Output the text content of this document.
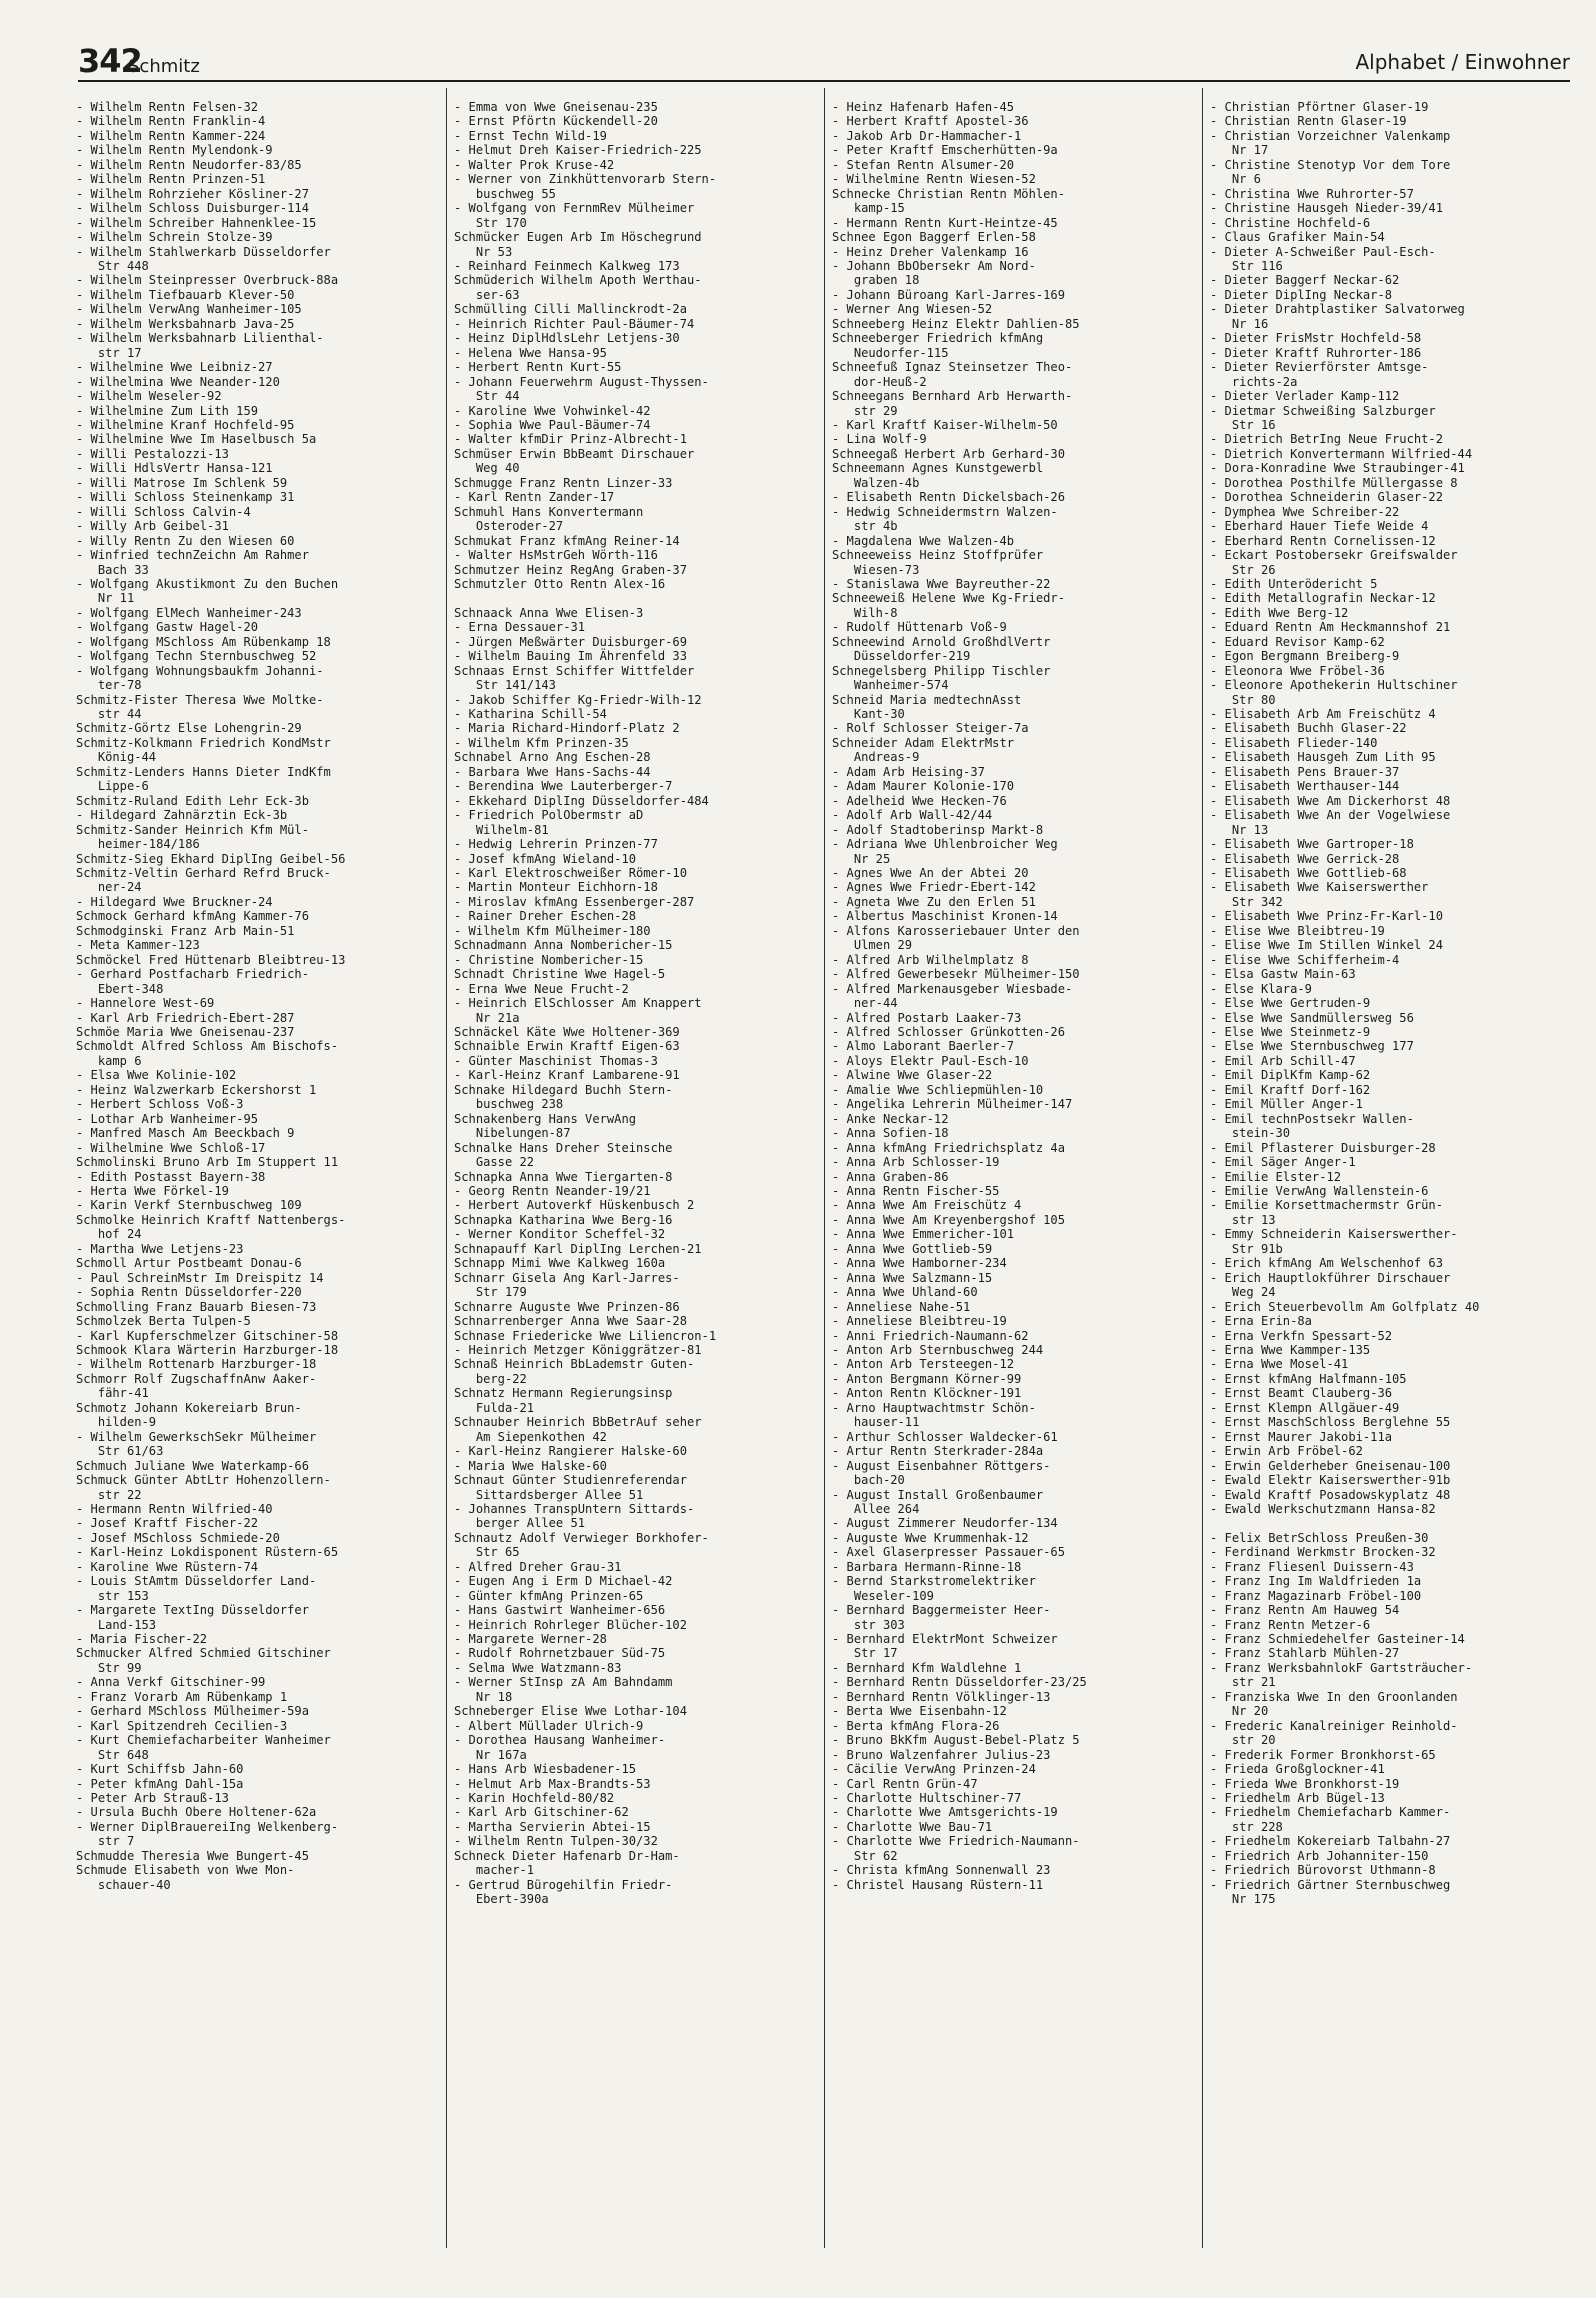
342
Schmitz	Alphabet / Einwohner
- Wilhelm Rentn Felsen-32
- Wilhelm Rentn Franklin-4
- Wilhelm Rentn Kammer-224
- Wilhelm Rentn Mylendonk-9
- Wilhelm Rentn Neudorfer-83/85
- Wilhelm Rentn Prinzen-51
- Wilhelm Rohrzieher Kösliner-27
- Wilhelm Schloss Duisburger-114
- Wilhelm Schreiber Hahnenklee-15
- Wilhelm Schrein Stolze-39
- Wilhelm Stahlwerkarb Düsseldorfer
Str 448
- Wilhelm Steinpresser Overbruck-88a
- Wilhelm Tiefbauarb Klever-50
- Wilhelm VerwAng Wanheimer-105
- Wilhelm Werksbahnarb Java-25
- Wilhelm Werksbahnarb Lilienthal-
str 17
- Wilhelmine Wwe Leibniz-27
- Wilhelmina Wwe Neander-120
- Wilhelm Weseler-92
- Wilhelmine Zum Lith 159
- Wilhelmine Kranf Hochfeld-95
- Wilhelmine Wwe Im Haselbusch 5a
- Willi Pestalozzi-13
- Willi HdlsVertr Hansa-121
- Willi Matrose Im Schlenk 59
- Willi Schloss Steinenkamp 31
- Willi Schloss Calvin-4
- Willy Arb Geibel-31
- Willy Rentn Zu den Wiesen 60
- Winfried technZeichn Am Rahmer
Bach 33
- Wolfgang Akustikmont Zu den Buchen
Nr 11
- Wolfgang ElMech Wanheimer-243
- Wolfgang Gastw Hagel-20
- Wolfgang MSchloss Am Rübenkamp 18
- Wolfgang Techn Sternbuschweg 52
- Wolfgang Wohnungsbaukfm Johanni-
ter-78
Schmitz-Fister Theresa Wwe Moltke-
str 44
Schmitz-Görtz Else Lohengrin-29
Schmitz-Kolkmann Friedrich KondMstr
König-44
Schmitz-Lenders Hanns Dieter IndKfm
Lippe-6
Schmitz-Ruland Edith Lehr Eck-3b
- Hildegard Zahnärztin Eck-3b
Schmitz-Sander Heinrich Kfm Mül-
heimer-184/186
Schmitz-Sieg Ekhard DiplIng Geibel-56
Schmitz-Veltin Gerhard Refrd Bruck-
ner-24
- Hildegard Wwe Bruckner-24
Schmock Gerhard kfmAng Kammer-76
Schmodginski Franz Arb Main-51
- Meta Kammer-123
Schmöckel Fred Hüttenarb Bleibtreu-13
- Gerhard Postfacharb Friedrich-
Ebert-348
- Hannelore West-69
- Karl Arb Friedrich-Ebert-287
Schmöe Maria Wwe Gneisenau-237
Schmoldt Alfred Schloss Am Bischofs-
kamp 6
- Elsa Wwe Kolinie-102
- Heinz Walzwerkarb Eckershorst 1
- Herbert Schloss Voß-3
- Lothar Arb Wanheimer-95
- Manfred Masch Am Beeckbach 9
- Wilhelmine Wwe Schloß-17
Schmolinski Bruno Arb Im Stuppert 11
- Edith Postasst Bayern-38
- Herta Wwe Förkel-19
- Karin Verkf Sternbuschweg 109
Schmolke Heinrich Kraftf Nattenbergs-
hof 24
- Martha Wwe Letjens-23
Schmoll Artur Postbeamt Donau-6
- Paul SchreinMstr Im Dreispitz 14
- Sophia Rentn Düsseldorfer-220
Schmolling Franz Bauarb Biesen-73
Schmolzek Berta Tulpen-5
- Karl Kupferschmelzer Gitschiner-58
Schmook Klara Wärterin Harzburger-18
- Wilhelm Rottenarb Harzburger-18
Schmorr Rolf ZugschaffnAnw Aaker-
fähr-41
Schmotz Johann Kokereiarb Brun-
hilden-9
- Wilhelm GewerkschSekr Mülheimer
Str 61/63
Schmuch Juliane Wwe Waterkamp-66
Schmuck Günter AbtLtr Hohenzollern-
str 22
- Hermann Rentn Wilfried-40
- Josef Kraftf Fischer-22
- Josef MSchloss Schmiede-20
- Karl-Heinz Lokdisponent Rüstern-65
- Karoline Wwe Rüstern-74
- Louis StAmtm Düsseldorfer Land-
str 153
- Margarete TextIng Düsseldorfer
Land-153
- Maria Fischer-22
Schmucker Alfred Schmied Gitschiner
Str 99
- Anna Verkf Gitschiner-99
- Franz Vorarb Am Rübenkamp 1
- Gerhard MSchloss Mülheimer-59a
- Karl Spitzendreh Cecilien-3
- Kurt Chemiefacharbeiter Wanheimer
Str 648
- Kurt Schiffsb Jahn-60
- Peter kfmAng Dahl-15a
- Peter Arb Strauß-13
- Ursula Buchh Obere Holtener-62a
- Werner DiplBrauereiIng Welkenberg-
str 7
Schmudde Theresia Wwe Bungert-45
Schmude Elisabeth von Wwe Mon-
schauer-40
- Emma von Wwe Gneisenau-235
- Ernst Pförtn Kückendell-20
- Ernst Techn Wild-19
- Helmut Dreh Kaiser-Friedrich-225
- Walter Prok Kruse-42
- Werner von Zinkhüttenvorarb Stern-
buschweg 55
- Wolfgang von FernmRev Mülheimer
Str 170
Schmücker Eugen Arb Im Höschegrund
Nr 53
- Reinhard Feinmech Kalkweg 173
Schmüderich Wilhelm Apoth Werthau-
ser-63
Schmülling Cilli Mallinckrodt-2a
- Heinrich Richter Paul-Bäumer-74
- Heinz DiplHdlsLehr Letjens-30
- Helena Wwe Hansa-95
- Herbert Rentn Kurt-55
- Johann Feuerwehrm August-Thyssen-
Str 44
- Karoline Wwe Vohwinkel-42
- Sophia Wwe Paul-Bäumer-74
- Walter kfmDir Prinz-Albrecht-1
Schmüser Erwin BbBeamt Dirschauer
Weg 40
Schmugge Franz Rentn Linzer-33
- Karl Rentn Zander-17
Schmuhl Hans Konvertermann
Osteroder-27
Schmukat Franz kfmAng Reiner-14
- Walter HsMstrGeh Wörth-116
Schmutzer Heinz RegAng Graben-37
Schmutzler Otto Rentn Alex-16

Schnaack Anna Wwe Elisen-3
- Erna Dessauer-31
- Jürgen Meßwärter Duisburger-69
- Wilhelm Bauing Im Ährenfeld 33
Schnaas Ernst Schiffer Wittfelder
Str 141/143
- Jakob Schiffer Kg-Friedr-Wilh-12
- Katharina Schill-54
- Maria Richard-Hindorf-Platz 2
- Wilhelm Kfm Prinzen-35
Schnabel Arno Ang Eschen-28
- Barbara Wwe Hans-Sachs-44
- Berendina Wwe Lauterberger-7
- Ekkehard DiplIng Düsseldorfer-484
- Friedrich PolObermstr aD
Wilhelm-81
- Hedwig Lehrerin Prinzen-77
- Josef kfmAng Wieland-10
- Karl Elektroschweißer Römer-10
- Martin Monteur Eichhorn-18
- Miroslav kfmAng Essenberger-287
- Rainer Dreher Eschen-28
- Wilhelm Kfm Mülheimer-180
Schnadmann Anna Nombericher-15
- Christine Nombericher-15
Schnadt Christine Wwe Hagel-5
- Erna Wwe Neue Frucht-2
- Heinrich ElSchlosser Am Knappert
Nr 21a
Schnäckel Käte Wwe Holtener-369
Schnaible Erwin Kraftf Eigen-63
- Günter Maschinist Thomas-3
- Karl-Heinz Kranf Lambarene-91
Schnake Hildegard Buchh Stern-
buschweg 238
Schnakenberg Hans VerwAng
Nibelungen-87
Schnalke Hans Dreher Steinsche
Gasse 22
Schnapka Anna Wwe Tiergarten-8
- Georg Rentn Neander-19/21
- Herbert Autoverkf Hüskenbusch 2
Schnapka Katharina Wwe Berg-16
- Werner Konditor Scheffel-32
Schnapauff Karl DiplIng Lerchen-21
Schnapp Mimi Wwe Kalkweg 160a
Schnarr Gisela Ang Karl-Jarres-
Str 179
Schnarre Auguste Wwe Prinzen-86
Schnarrenberger Anna Wwe Saar-28
Schnase Friedericke Wwe Liliencron-1
- Heinrich Metzger Königgrätzer-81
Schnaß Heinrich BbLademstr Guten-
berg-22
Schnatz Hermann Regierungsinsp
Fulda-21
Schnauber Heinrich BbBetrAuf seher
Am Siepenkothen 42
- Karl-Heinz Rangierer Halske-60
- Maria Wwe Halske-60
Schnaut Günter Studienreferendar
Sittardsberger Allee 51
- Johannes TranspUntern Sittards-
berger Allee 51
Schnautz Adolf Verwieger Borkhofer-
Str 65
- Alfred Dreher Grau-31
- Eugen Ang i Erm D Michael-42
- Günter kfmAng Prinzen-65
- Hans Gastwirt Wanheimer-656
- Heinrich Rohrleger Blücher-102
- Margarete Werner-28
- Rudolf Rohrnetzbauer Süd-75
- Selma Wwe Watzmann-83
- Werner StInsp zA Am Bahndamm
Nr 18
Schneberger Elise Wwe Lothar-104
- Albert Müllader Ulrich-9
- Dorothea Hausang Wanheimer-
Nr 167a
- Hans Arb Wiesbadener-15
- Helmut Arb Max-Brandts-53
- Karin Hochfeld-80/82
- Karl Arb Gitschiner-62
- Martha Servierin Abtei-15
- Wilhelm Rentn Tulpen-30/32
Schneck Dieter Hafenarb Dr-Ham-
macher-1
- Gertrud Bürogehilfin Friedr-
Ebert-390a
- Heinz Hafenarb Hafen-45
- Herbert Kraftf Apostel-36
- Jakob Arb Dr-Hammacher-1
- Peter Kraftf Emscherhütten-9a
- Stefan Rentn Alsumer-20
- Wilhelmine Rentn Wiesen-52
Schnecke Christian Rentn Möhlen-
kamp-15
- Hermann Rentn Kurt-Heintze-45
Schnee Egon Baggerf Erlen-58
- Heinz Dreher Valenkamp 16
- Johann BbObersekr Am Nord-
graben 18
- Johann Büroang Karl-Jarres-169
- Werner Ang Wiesen-52
Schneeberg Heinz Elektr Dahlien-85
Schneeberger Friedrich kfmAng
Neudorfer-115
Schneefuß Ignaz Steinsetzer Theo-
dor-Heuß-2
Schneegans Bernhard Arb Herwarth-
str 29
- Karl Kraftf Kaiser-Wilhelm-50
- Lina Wolf-9
Schneegaß Herbert Arb Gerhard-30
Schneemann Agnes Kunstgewerbl
Walzen-4b
- Elisabeth Rentn Dickelsbach-26
- Hedwig Schneidermstrn Walzen-
str 4b
- Magdalena Wwe Walzen-4b
Schneeweiss Heinz Stoffprüfer
Wiesen-73
- Stanislawa Wwe Bayreuther-22
Schneeweiß Helene Wwe Kg-Friedr-
Wilh-8
- Rudolf Hüttenarb Voß-9
Schneewind Arnold GroßhdlVertr
Düsseldorfer-219
Schnegelsberg Philipp Tischler
Wanheimer-574
Schneid Maria medtechnAsst
Kant-30
- Rolf Schlosser Steiger-7a
Schneider Adam ElektrMstr
Andreas-9
- Adam Arb Heising-37
- Adam Maurer Kolonie-170
- Adelheid Wwe Hecken-76
- Adolf Arb Wall-42/44
- Adolf Stadtoberinsp Markt-8
- Adriana Wwe Uhlenbroicher Weg
Nr 25
- Agnes Wwe An der Abtei 20
- Agnes Wwe Friedr-Ebert-142
- Agneta Wwe Zu den Erlen 51
- Albertus Maschinist Kronen-14
- Alfons Karosseriebauer Unter den
Ulmen 29
- Alfred Arb Wilhelmplatz 8
- Alfred Gewerbesekr Mülheimer-150
- Alfred Markenausgeber Wiesbade-
ner-44
- Alfred Postarb Laaker-73
- Alfred Schlosser Grünkotten-26
- Almo Laborant Baerler-7
- Aloys Elektr Paul-Esch-10
- Alwine Wwe Glaser-22
- Amalie Wwe Schliepmühlen-10
- Angelika Lehrerin Mülheimer-147
- Anke Neckar-12
- Anna Sofien-18
- Anna kfmAng Friedrichsplatz 4a
- Anna Arb Schlosser-19
- Anna Graben-86
- Anna Rentn Fischer-55
- Anna Wwe Am Freischütz 4
- Anna Wwe Am Kreyenbergshof 105
- Anna Wwe Emmericher-101
- Anna Wwe Gottlieb-59
- Anna Wwe Hamborner-234
- Anna Wwe Salzmann-15
- Anna Wwe Uhland-60
- Anneliese Nahe-51
- Anneliese Bleibtreu-19
- Anni Friedrich-Naumann-62
- Anton Arb Sternbuschweg 244
- Anton Arb Tersteegen-12
- Anton Bergmann Körner-99
- Anton Rentn Klöckner-191
- Arno Hauptwachtmstr Schön-
hauser-11
- Arthur Schlosser Waldecker-61
- Artur Rentn Sterkrader-284a
- August Eisenbahner Röttgers-
bach-20
- August Install Großenbaumer
Allee 264
- August Zimmerer Neudorfer-134
- Auguste Wwe Krummenhak-12
- Axel Glaserpresser Passauer-65
- Barbara Hermann-Rinne-18
- Bernd Starkstromelektriker
Weseler-109
- Bernhard Baggermeister Heer-
str 303
- Bernhard ElektrMont Schweizer
Str 17
- Bernhard Kfm Waldlehne 1
- Bernhard Rentn Düsseldorfer-23/25
- Bernhard Rentn Völklinger-13
- Berta Wwe Eisenbahn-12
- Berta kfmAng Flora-26
- Bruno BkKfm August-Bebel-Platz 5
- Bruno Walzenfahrer Julius-23
- Cäcilie VerwAng Prinzen-24
- Carl Rentn Grün-47
- Charlotte Hultschiner-77
- Charlotte Wwe Amtsgerichts-19
- Charlotte Wwe Bau-71
- Charlotte Wwe Friedrich-Naumann-
Str 62
- Christa kfmAng Sonnenwall 23
- Christel Hausang Rüstern-11
- Christian Pförtner Glaser-19
- Christian Rentn Glaser-19
- Christian Vorzeichner Valenkamp
Nr 17
- Christine Stenotyp Vor dem Tore
Nr 6
- Christina Wwe Ruhrorter-57
- Christine Hausgeh Nieder-39/41
- Christine Hochfeld-6
- Claus Grafiker Main-54
- Dieter A-Schweißer Paul-Esch-
Str 116
- Dieter Baggerf Neckar-62
- Dieter DiplIng Neckar-8
- Dieter Drahtplastiker Salvatorweg
Nr 16
- Dieter FrisMstr Hochfeld-58
- Dieter Kraftf Ruhrorter-186
- Dieter Revierförster Amtsge-
richts-2a
- Dieter Verlader Kamp-112
- Dietmar Schweißing Salzburger
Str 16
- Dietrich BetrIng Neue Frucht-2
- Dietrich Konvertermann Wilfried-44
- Dora-Konradine Wwe Straubinger-41
- Dorothea Posthilfe Müllergasse 8
- Dorothea Schneiderin Glaser-22
- Dymphea Wwe Schreiber-22
- Eberhard Hauer Tiefe Weide 4
- Eberhard Rentn Cornelissen-12
- Eckart Postobersekr Greifswalder
Str 26
- Edith Unterödericht 5
- Edith Metallografin Neckar-12
- Edith Wwe Berg-12
- Eduard Rentn Am Heckmannshof 21
- Eduard Revisor Kamp-62
- Egon Bergmann Breiberg-9
- Eleonora Wwe Fröbel-36
- Eleonore Apothekerin Hultschiner
Str 80
- Elisabeth Arb Am Freischütz 4
- Elisabeth Buchh Glaser-22
- Elisabeth Flieder-140
- Elisabeth Hausgeh Zum Lith 95
- Elisabeth Pens Brauer-37
- Elisabeth Werthauser-144
- Elisabeth Wwe Am Dickerhorst 48
- Elisabeth Wwe An der Vogelwiese
Nr 13
- Elisabeth Wwe Gartroper-18
- Elisabeth Wwe Gerrick-28
- Elisabeth Wwe Gottlieb-68
- Elisabeth Wwe Kaiserswerther
Str 342
- Elisabeth Wwe Prinz-Fr-Karl-10
- Elise Wwe Bleibtreu-19
- Elise Wwe Im Stillen Winkel 24
- Elise Wwe Schifferheim-4
- Elsa Gastw Main-63
- Else Klara-9
- Else Wwe Gertruden-9
- Else Wwe Sandmüllersweg 56
- Else Wwe Steinmetz-9
- Else Wwe Sternbuschweg 177
- Emil Arb Schill-47
- Emil DiplKfm Kamp-62
- Emil Kraftf Dorf-162
- Emil Müller Anger-1
- Emil technPostsekr Wallen-
stein-30
- Emil Pflasterer Duisburger-28
- Emil Säger Anger-1
- Emilie Elster-12
- Emilie VerwAng Wallenstein-6
- Emilie Korsettmachermstr Grün-
str 13
- Emmy Schneiderin Kaiserswerther-
Str 91b
- Erich kfmAng Am Welschenhof 63
- Erich Hauptlokführer Dirschauer
Weg 24
- Erich Steuerbevollm Am Golfplatz 40
- Erna Erin-8a
- Erna Verkfn Spessart-52
- Erna Wwe Kammper-135
- Erna Wwe Mosel-41
- Ernst kfmAng Halfmann-105
- Ernst Beamt Clauberg-36
- Ernst Klempn Allgäuer-49
- Ernst MaschSchloss Berglehne 55
- Ernst Maurer Jakobi-11a
- Erwin Arb Fröbel-62
- Erwin Gelderheber Gneisenau-100
- Ewald Elektr Kaiserswerther-91b
- Ewald Kraftf Posadowskyplatz 48
- Ewald Werkschutzmann Hansa-82

- Felix BetrSchloss Preußen-30
- Ferdinand Werkmstr Brocken-32
- Franz Fliesenl Duissern-43
- Franz Ing Im Waldfrieden 1a
- Franz Magazinarb Fröbel-100
- Franz Rentn Am Hauweg 54
- Franz Rentn Metzer-6
- Franz Schmiedehelfer Gasteiner-14
- Franz Stahlarb Mühlen-27
- Franz WerksbahnlokF Gartsträucher-
str 21
- Franziska Wwe In den Groonlanden
Nr 20
- Frederic Kanalreiniger Reinhold-
str 20
- Frederik Former Bronkhorst-65
- Frieda Großglockner-41
- Frieda Wwe Bronkhorst-19
- Friedhelm Arb Bügel-13
- Friedhelm Chemiefacharb Kammer-
str 228
- Friedhelm Kokereiarb Talbahn-27
- Friedrich Arb Johanniter-150
- Friedrich Bürovorst Uthmann-8
- Friedrich Gärtner Sternbuschweg
Nr 175
